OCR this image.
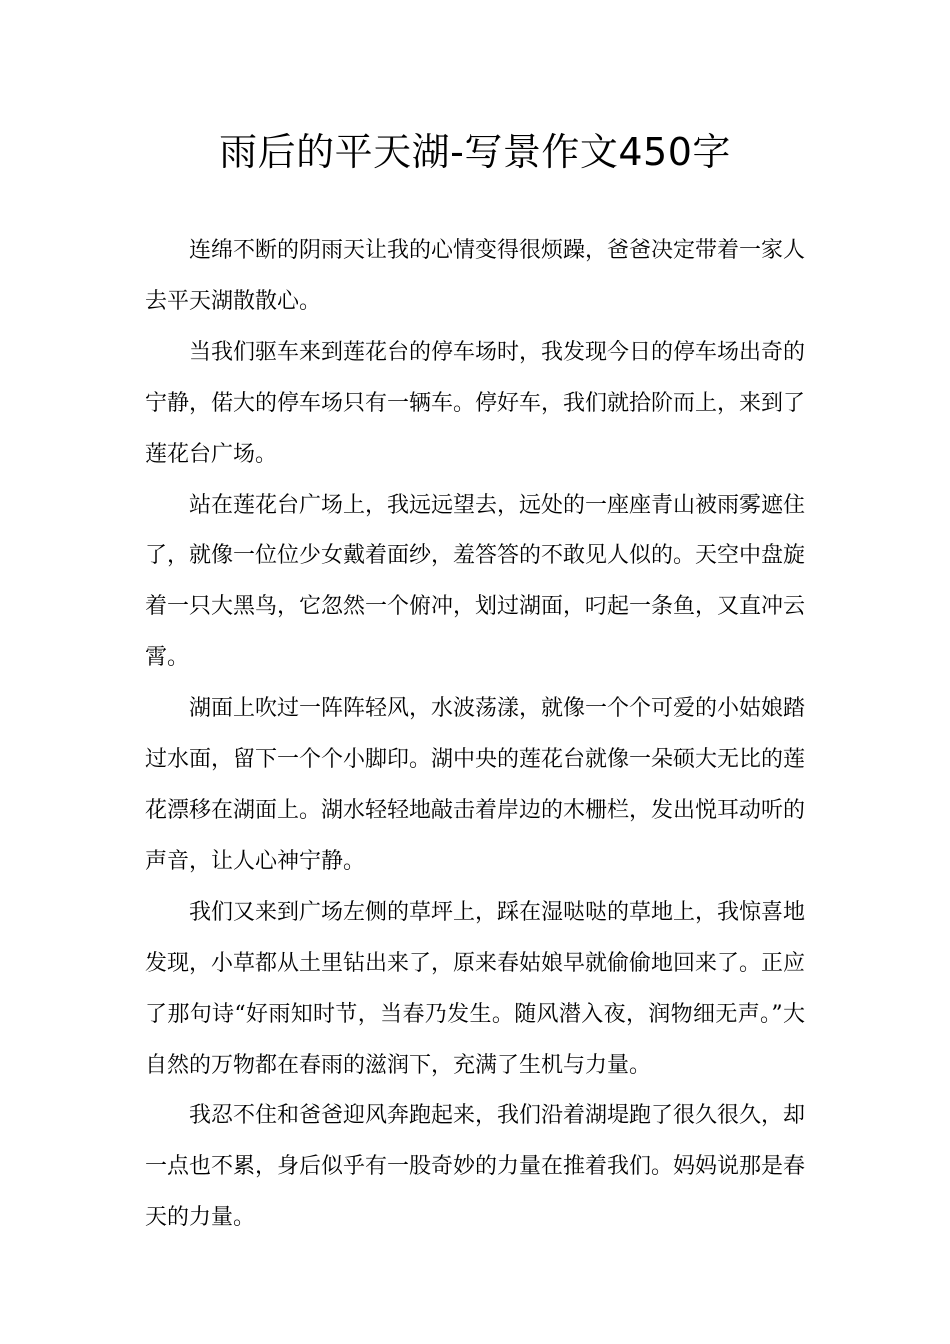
雨后的平天湖-写景作文450字

连绵不断的阴雨天让我的心情变得很烦躁，爸爸决定带着一家人去平天湖散散心。

当我们驱车来到莲花台的停车场时，我发现今日的停车场出奇的宁静，偌大的停车场只有一辆车。停好车，我们就拾阶而上，来到了莲花台广场。

站在莲花台广场上，我远远望去，远处的一座座青山被雨雾遮住了，就像一位位少女戴着面纱，羞答答的不敢见人似的。天空中盘旋着一只大黑鸟，它忽然一个俯冲，划过湖面，叼起一条鱼，又直冲云霄。

湖面上吹过一阵阵轻风，水波荡漾，就像一个个可爱的小姑娘踏过水面，留下一个个小脚印。湖中央的莲花台就像一朵硕大无比的莲花漂移在湖面上。湖水轻轻地敲击着岸边的木栅栏，发出悦耳动听的声音，让人心神宁静。

我们又来到广场左侧的草坪上，踩在湿哒哒的草地上，我惊喜地发现，小草都从土里钻出来了，原来春姑娘早就偷偷地回来了。正应了那句诗“好雨知时节，当春乃发生。随风潜入夜，润物细无声。”大自然的万物都在春雨的滋润下，充满了生机与力量。

我忍不住和爸爸迎风奔跑起来，我们沿着湖堤跑了很久很久，却一点也不累，身后似乎有一股奇妙的力量在推着我们。妈妈说那是春天的力量。
